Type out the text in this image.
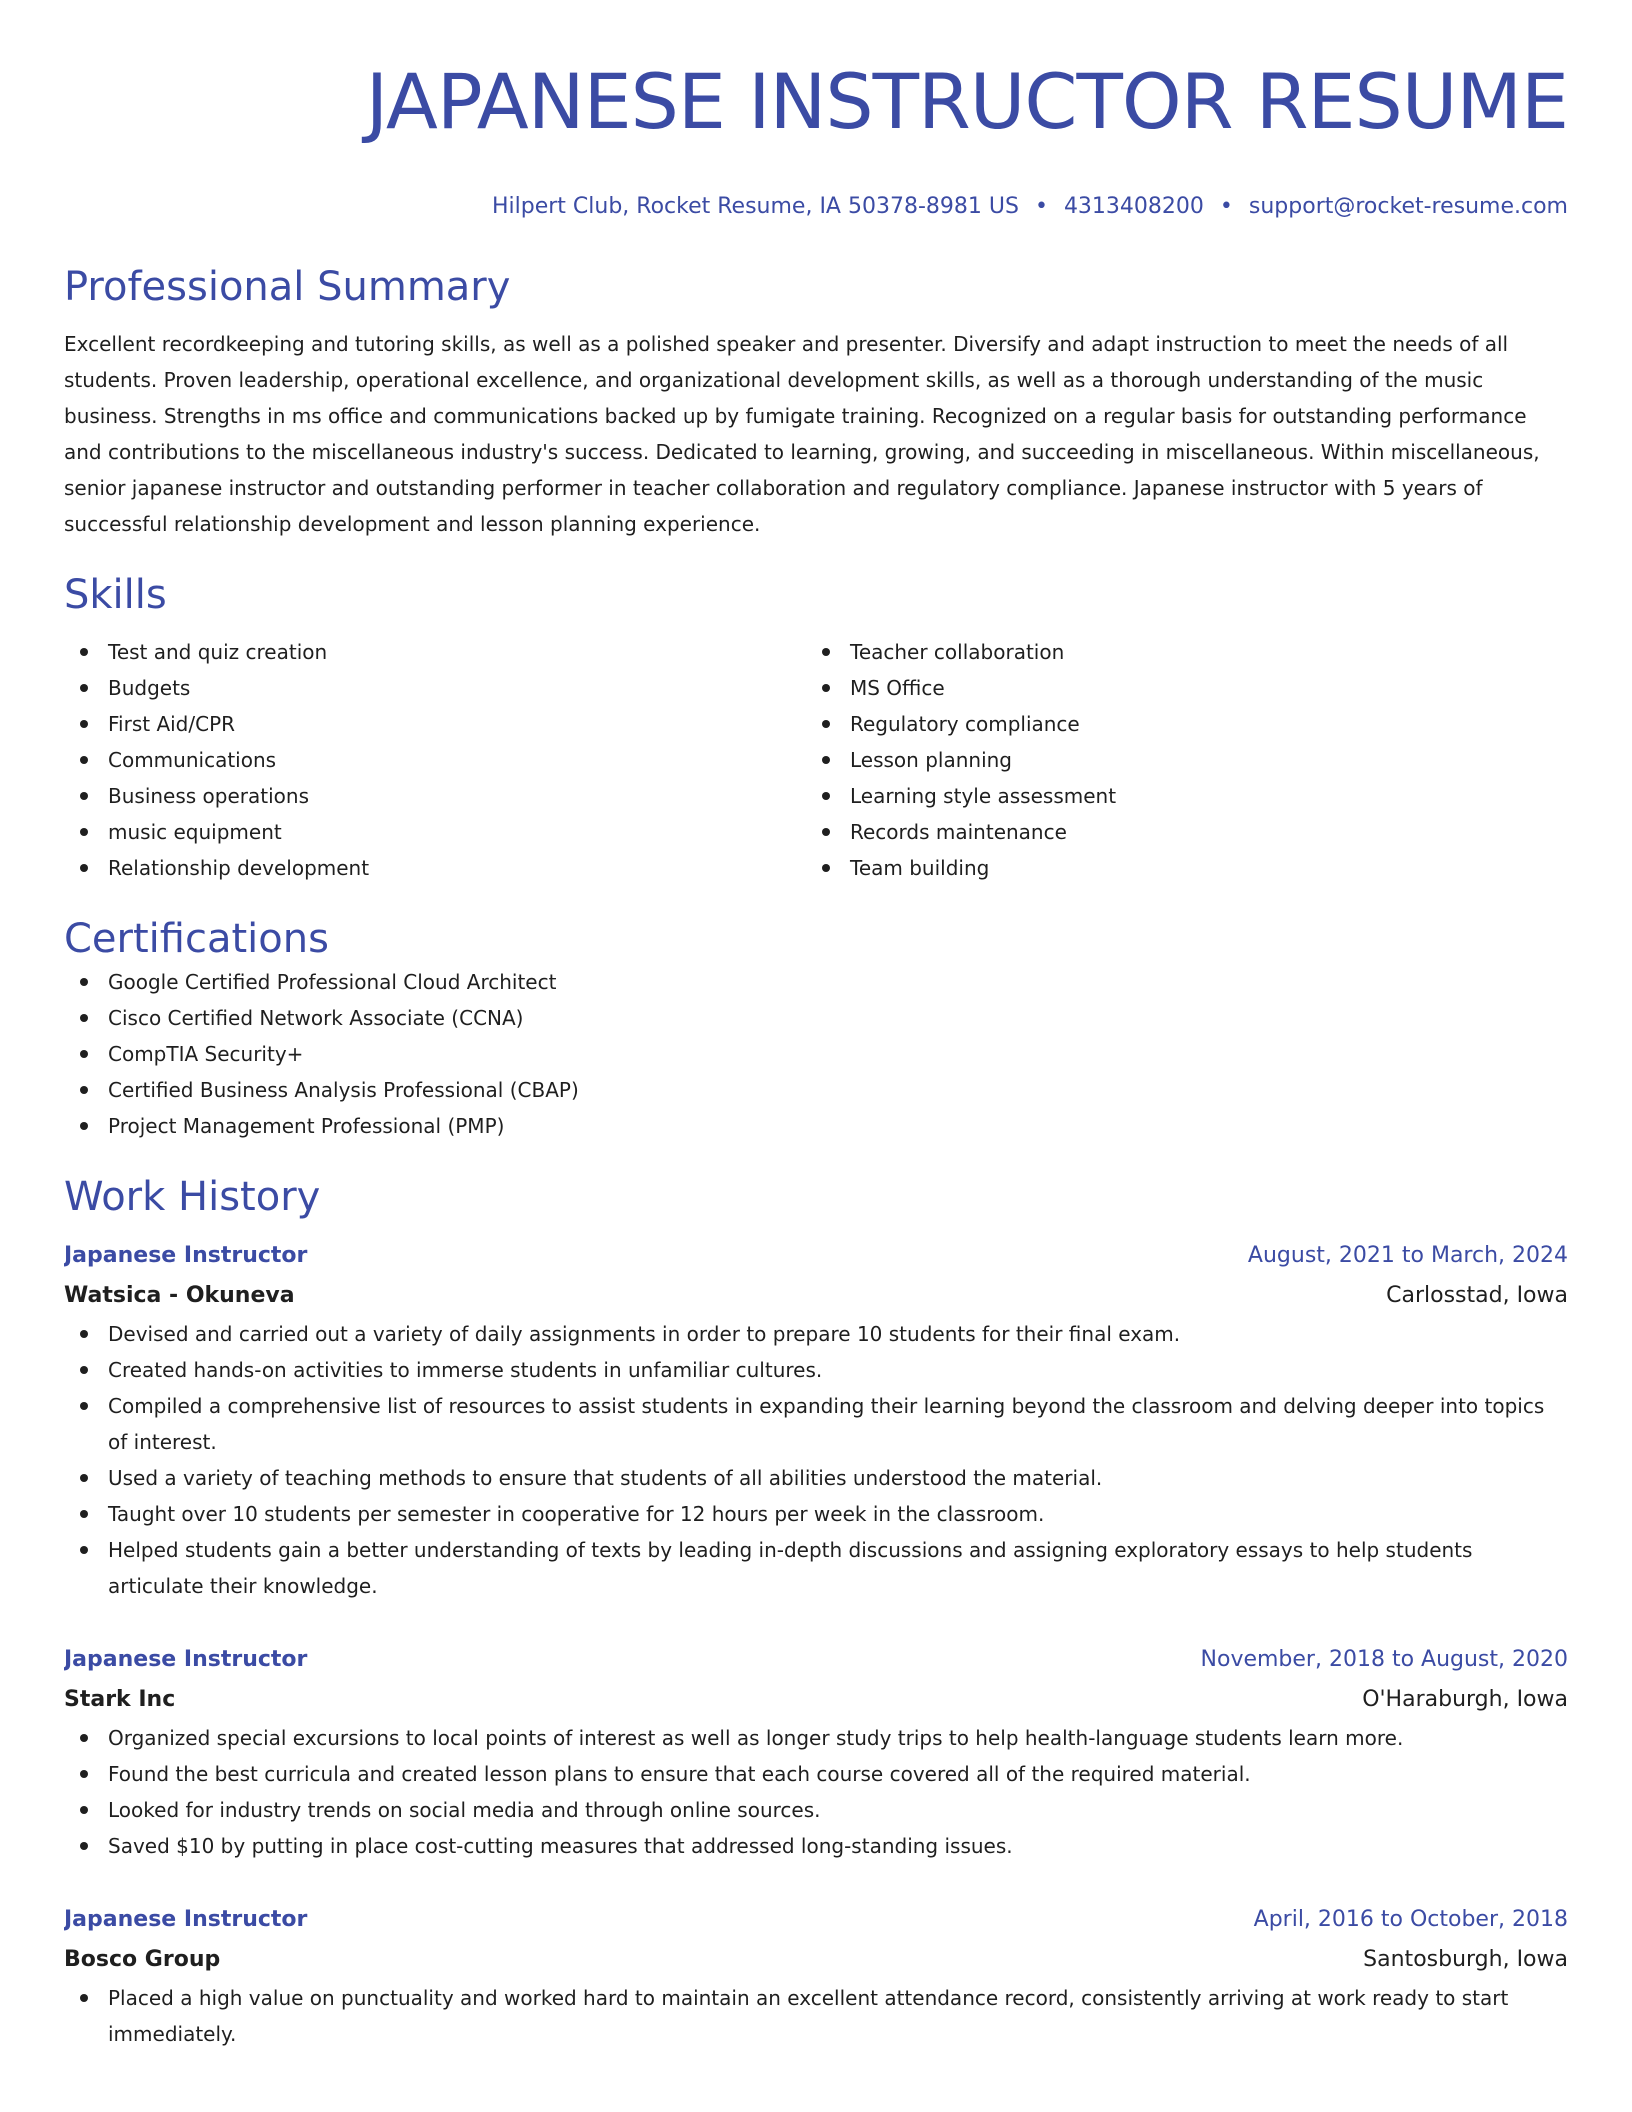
JAPANESE INSTRUCTOR RESUME
Hilpert Club, Rocket Resume, IA 50378-8981 US • 4313408200 • support@rocket-resume.com
Professional Summary

Excellent recordkeeping and tutoring skills, as well as a polished speaker and presenter. Diversify and adapt instruction to meet the needs of all students. Proven leadership, operational excellence, and organizational development skills, as well as a thorough understanding of the music business. Strengths in ms office and communications backed up by fumigate training. Recognized on a regular basis for outstanding performance and contributions to the miscellaneous industry's success. Dedicated to learning, growing, and succeeding in miscellaneous. Within miscellaneous, senior japanese instructor and outstanding performer in teacher collaboration and regulatory compliance. Japanese instructor with 5 years of successful relationship development and lesson planning experience.

Skills
Test and quiz creation
Budgets
First Aid/CPR
Communications
Business operations
music equipment
Relationship development
Teacher collaboration
MS Office
Regulatory compliance
Lesson planning
Learning style assessment
Records maintenance
Team building
Certifications
Google Certified Professional Cloud Architect
Cisco Certified Network Associate (CCNA)
CompTIA Security+
Certified Business Analysis Professional (CBAP)
Project Management Professional (PMP)
Work History
Japanese Instructor	August, 2021 to March, 2024
Watsica - Okuneva	Carlosstad, Iowa
Devised and carried out a variety of daily assignments in order to prepare 10 students for their final exam.
Created hands-on activities to immerse students in unfamiliar cultures.
Compiled a comprehensive list of resources to assist students in expanding their learning beyond the classroom and delving deeper into topics of interest.
Used a variety of teaching methods to ensure that students of all abilities understood the material.
Taught over 10 students per semester in cooperative for 12 hours per week in the classroom.
Helped students gain a better understanding of texts by leading in-depth discussions and assigning exploratory essays to help students articulate their knowledge.
Japanese Instructor	November, 2018 to August, 2020
Stark Inc	O'Haraburgh, Iowa
Organized special excursions to local points of interest as well as longer study trips to help health-language students learn more.
Found the best curricula and created lesson plans to ensure that each course covered all of the required material.
Looked for industry trends on social media and through online sources.
Saved $10 by putting in place cost-cutting measures that addressed long-standing issues.
Japanese Instructor	April, 2016 to October, 2018
Bosco Group	Santosburgh, Iowa
Placed a high value on punctuality and worked hard to maintain an excellent attendance record, consistently arriving at work ready to start immediately.
